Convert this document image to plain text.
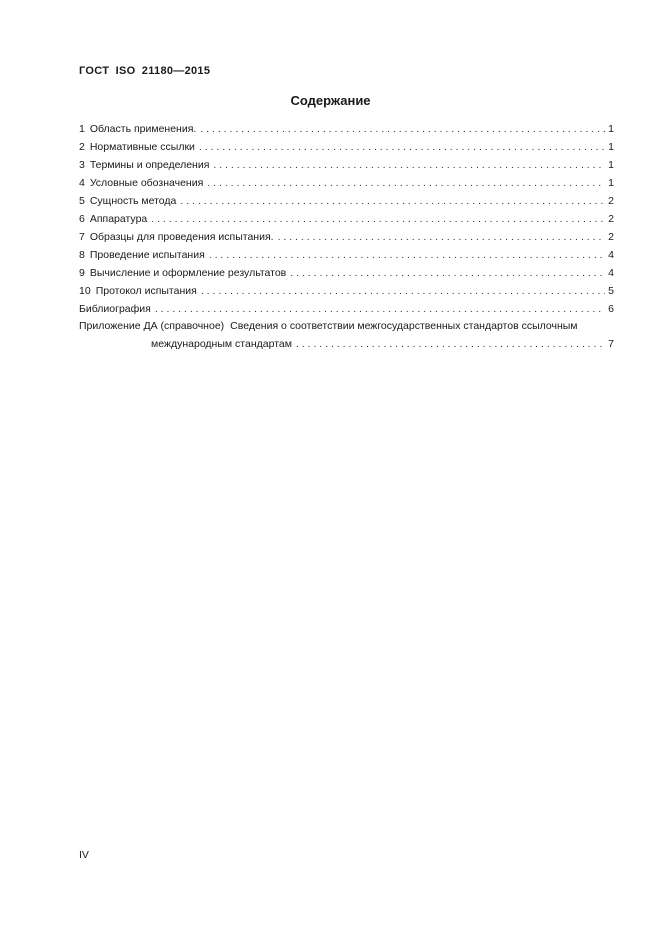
ГОСТ ISO 21180—2015
Содержание
1 Область применения. . . .	1
2 Нормативные ссылки . . .	1
3 Термины и определения . . .	1
4 Условные обозначения . . .	1
5 Сущность метода . . .	2
6 Аппаратура . . .	2
7 Образцы для проведения испытания. . . .	2
8 Проведение испытания . . .	4
9 Вычисление и оформление результатов . . .	4
10 Протокол испытания . . .	5
Библиография . . .	6
Приложение ДА (справочное) Сведения о соответствии межгосударственных стандартов ссылочным
международным стандартам . . .	7
IV
